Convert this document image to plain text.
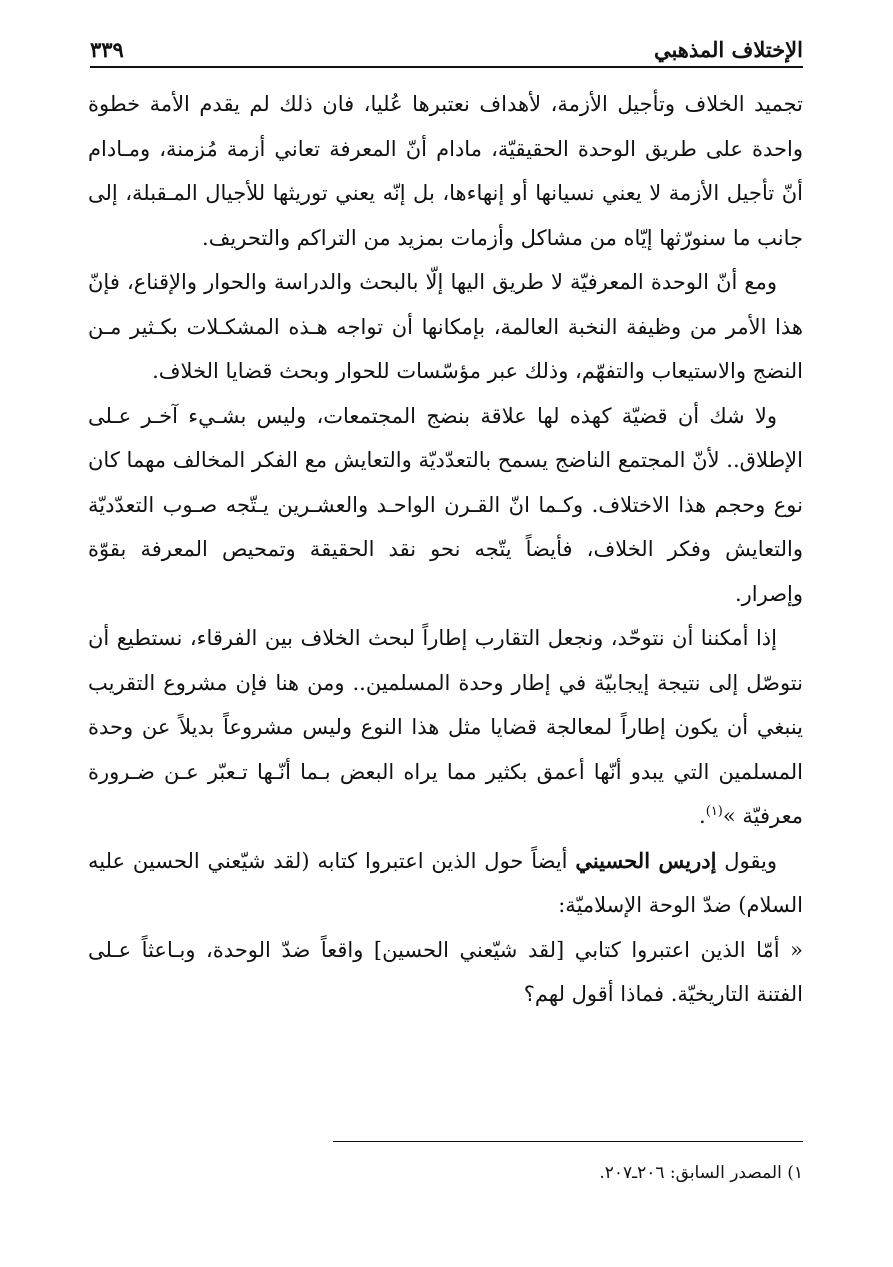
الإختلاف المذهبي
٣٣٩

تجميد الخلاف وتأجيل الأزمة، لأهداف نعتبرها عُليا، فان ذلك لم يقدم الأمة خطوة واحدة على طريق الوحدة الحقيقيّة، مادام أنّ المعرفة تعاني أزمة مُزمنة، ومـادام أنّ تأجيل الأزمة لا يعني نسيانها أو إنهاءها، بل إنّه يعني توريثها للأجيال المـقبلة، إلى جانب ما سنورّثها إيّاه من مشاكل وأزمات بمزيد من التراكم والتحريف.

ومع أنّ الوحدة المعرفيّة لا طريق اليها إلّا بالبحث والدراسة والحوار والإقناع، فإنّ هذا الأمر من وظيفة النخبة العالمة، بإمكانها أن تواجه هـذه المشكـلات بكـثير مـن النضج والاستيعاب والتفهّم، وذلك عبر مؤسّسات للحوار وبحث قضايا الخلاف.

ولا شك أن قضيّة كهذه لها علاقة بنضج المجتمعات، وليس بشـيء آخـر عـلى الإطلاق.. لأنّ المجتمع الناضج يسمح بالتعدّديّة والتعايش مع الفكر المخالف مهما كان نوع وحجم هذا الاختلاف. وكـما انّ القـرن الواحـد والعشـرين يـتّجه صـوب التعدّديّة والتعايش وفكر الخلاف، فأيضاً يتّجه نحو نقد الحقيقة وتمحيص المعرفة بقوّة وإصرار.

إذا أمكننا أن نتوحّد، ونجعل التقارب إطاراً لبحث الخلاف بين الفرقاء، نستطيع أن نتوصّل إلى نتيجة إيجابيّة في إطار وحدة المسلمين.. ومن هنا فإن مشروع التقريب ينبغي أن يكون إطاراً لمعالجة قضايا مثل هذا النوع وليس مشروعاً بديلاً عن وحدة المسلمين التي يبدو أنّها أعمق بكثير مما يراه البعض بـما أنّـها تـعبّر عـن ضـرورة معرفيّة »$^{(١)}$.

ويقول إدريس الحسيني أيضاً حول الذين اعتبروا كتابه (لقد شيّعني الحسين عليه السلام) ضدّ الوحة الإسلاميّة:

« أمّا الذين اعتبروا كتابي [لقد شيّعني الحسين] واقعاً ضدّ الوحدة، وبـاعثاً عـلى الفتنة التاريخيّة. فماذا أقول لهم؟

١) المصدر السابق: ٢٠٦ـ٢٠٧.
